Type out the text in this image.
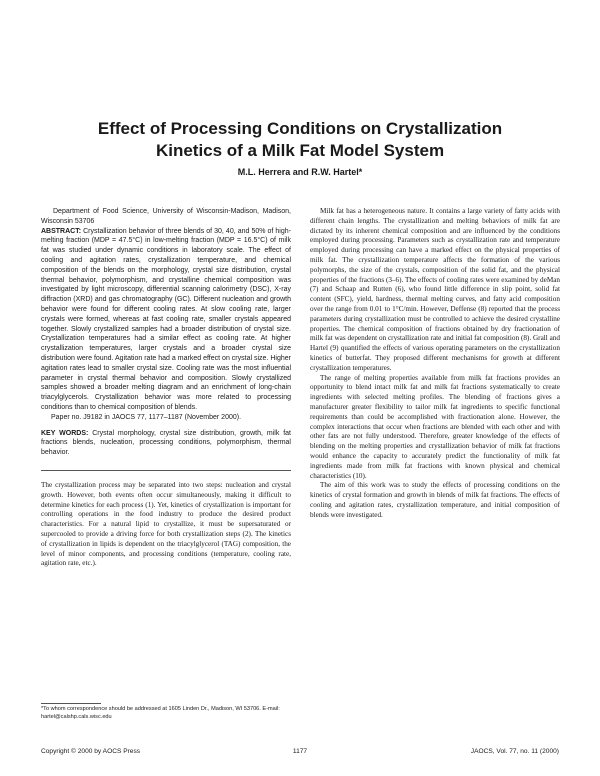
Effect of Processing Conditions on Crystallization
Kinetics of a Milk Fat Model System
M.L. Herrera and R.W. Hartel*

Department of Food Science, University of Wisconsin-Madison, Madison, Wisconsin 53706

ABSTRACT: Crystallization behavior of three blends of 30, 40, and 50% of high-melting fraction (MDP = 47.5°C) in low-melting fraction (MDP = 16.5°C) of milk fat was studied under dynamic conditions in laboratory scale. The effect of cooling and agitation rates, crystallization temperature, and chemical composition of the blends on the morphology, crystal size distribution, crystal thermal behavior, polymorphism, and crystalline chemical composition was investigated by light microscopy, differential scanning calorimetry (DSC), X-ray diffraction (XRD) and gas chromatography (GC). Different nucleation and growth behavior were found for different cooling rates. At slow cooling rate, larger crystals were formed, whereas at fast cooling rate, smaller crystals appeared together. Slowly crystallized samples had a broader distribution of crystal size. Crystallization temperatures had a similar effect as cooling rate. At higher crystallization temperatures, larger crystals and a broader crystal size distribution were found. Agitation rate had a marked effect on crystal size. Higher agitation rates lead to smaller crystal size. Cooling rate was the most influential parameter in crystal thermal behavior and composition. Slowly crystallized samples showed a broader melting diagram and an enrichment of long-chain triacylglycerols. Crystallization behavior was more related to processing conditions than to chemical composition of blends.

Paper no. J9182 in JAOCS 77, 1177–1187 (November 2000).

KEY WORDS: Crystal morphology, crystal size distribution, growth, milk fat fractions blends, nucleation, processing conditions, polymorphism, thermal behavior.

The crystallization process may be separated into two steps: nucleation and crystal growth. However, both events often occur simultaneously, making it difficult to determine kinetics for each process (1). Yet, kinetics of crystallization is important for controlling operations in the food industry to produce the desired product characteristics. For a natural lipid to crystallize, it must be supersaturated or supercooled to provide a driving force for both crystallization steps (2). The kinetics of crystallization in lipids is dependent on the triacylglycerol (TAG) composition, the level of minor components, and processing conditions (temperature, cooling rate, agitation rate, etc.).

Milk fat has a heterogeneous nature. It contains a large variety of fatty acids with different chain lengths. The crystallization and melting behaviors of milk fat are dictated by its inherent chemical composition and are influenced by the conditions employed during processing. Parameters such as crystallization rate and temperature employed during processing can have a marked effect on the physical properties of milk fat. The crystallization temperature affects the formation of the various polymorphs, the size of the crystals, composition of the solid fat, and the physical properties of the fractions (3–6). The effects of cooling rates were examined by deMan (7) and Schaap and Rutten (6), who found little difference in slip point, solid fat content (SFC), yield, hardness, thermal melting curves, and fatty acid composition over the range from 0.01 to 1°C/min. However, Deffense (8) reported that the process parameters during crystallization must be controlled to achieve the desired crystalline properties. The chemical composition of fractions obtained by dry fractionation of milk fat was dependent on crystallization rate and initial fat composition (8). Grall and Hartel (9) quantified the effects of various operating parameters on the crystallization kinetics of butterfat. They proposed different mechanisms for growth at different crystallization temperatures.

The range of melting properties available from milk fat fractions provides an opportunity to blend intact milk fat and milk fat fractions systematically to create ingredients with selected melting profiles. The blending of fractions gives a manufacturer greater flexibility to tailor milk fat ingredients to specific functional requirements than could be accomplished with fractionation alone. However, the complex interactions that occur when fractions are blended with each other and with other fats are not fully understood. Therefore, greater knowledge of the effects of blending on the melting properties and crystallization behavior of milk fat fractions would enhance the capacity to accurately predict the functionality of milk fat ingredients made from milk fat fractions with known physical and chemical characteristics (10).

The aim of this work was to study the effects of processing conditions on the kinetics of crystal formation and growth in blends of milk fat fractions. The effects of cooling and agitation rates, crystallization temperature, and initial composition of blends were investigated.

*To whom correspondence should be addressed at 1605 Linden Dr., Madison, WI 53706. E-mail: hartel@calshp.cals.wisc.edu
Copyright © 2000 by AOCS Press	1177	JAOCS, Vol. 77, no. 11 (2000)
